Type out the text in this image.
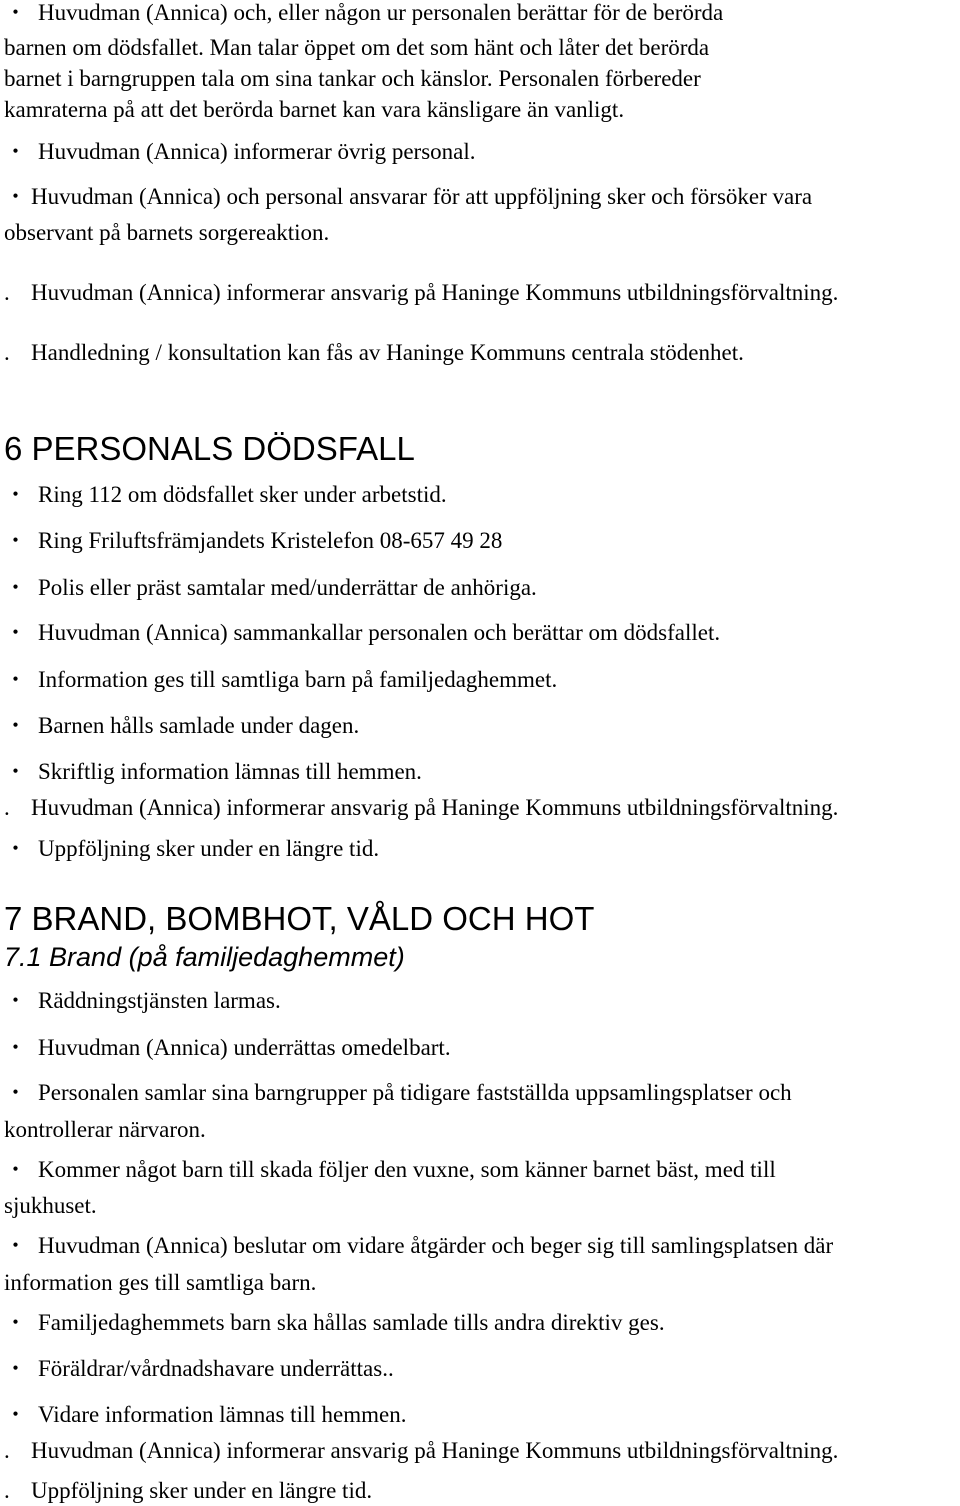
・ Huvudman (Annica) och, eller någon ur personalen berättar för de berörda
barnen om dödsfallet. Man talar öppet om det som hänt och låter det berörda
barnet i barngruppen tala om sina tankar och känslor. Personalen förbereder
kamraterna på att det berörda barnet kan vara känsligare än vanligt.
・ Huvudman (Annica) informerar övrig personal.
・ Huvudman (Annica) och personal ansvarar för att uppföljning sker och försöker vara
observant på barnets sorgereaktion.
. Huvudman (Annica) informerar ansvarig på Haninge Kommuns utbildningsförvaltning.
. Handledning / konsultation kan fås av Haninge Kommuns centrala stödenhet.
6 PERSONALS DÖDSFALL
・ Ring 112 om dödsfallet sker under arbetstid.
・ Ring Friluftsfrämjandets Kristelefon 08-657 49 28
・ Polis eller präst samtalar med/underrättar de anhöriga.
・ Huvudman (Annica) sammankallar personalen och berättar om dödsfallet.
・ Information ges till samtliga barn på familjedaghemmet.
・ Barnen hålls samlade under dagen.
・ Skriftlig information lämnas till hemmen.
. Huvudman (Annica) informerar ansvarig på Haninge Kommuns utbildningsförvaltning.
・ Uppföljning sker under en längre tid.
7 BRAND, BOMBHOT, VÅLD OCH HOT
7.1 Brand (på familjedaghemmet)
・ Räddningstjänsten larmas.
・ Huvudman (Annica) underrättas omedelbart.
・ Personalen samlar sina barngrupper på tidigare fastställda uppsamlingsplatser och
kontrollerar närvaron.
・ Kommer något barn till skada följer den vuxne, som känner barnet bäst, med till
sjukhuset.
・ Huvudman (Annica) beslutar om vidare åtgärder och beger sig till samlingsplatsen där
information ges till samtliga barn.
・ Familjedaghemmets barn ska hållas samlade tills andra direktiv ges.
・ Föräldrar/vårdnadshavare underrättas..
・ Vidare information lämnas till hemmen.
. Huvudman (Annica) informerar ansvarig på Haninge Kommuns utbildningsförvaltning.
. Uppföljning sker under en längre tid.
